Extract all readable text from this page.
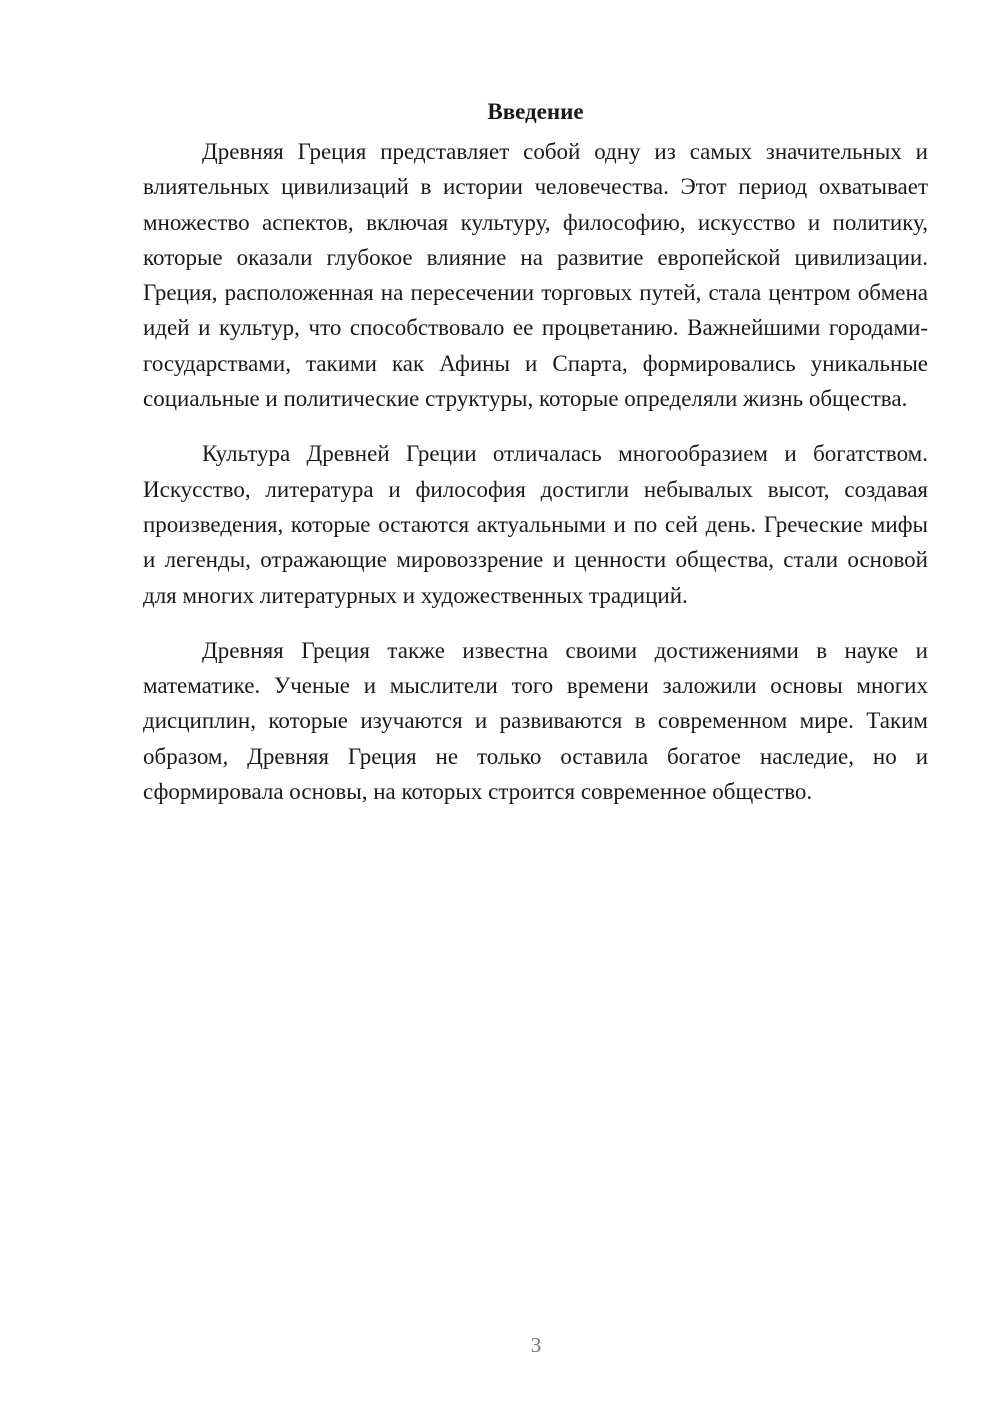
Введение

Древняя Греция представляет собой одну из самых значительных и влиятельных цивилизаций в истории человечества. Этот период охватывает множество аспектов, включая культуру, философию, искусство и политику, которые оказали глубокое влияние на развитие европейской цивилизации. Греция, расположенная на пересечении торговых путей, стала центром обмена идей и культур, что способствовало ее процветанию. Важнейшими городами-государствами, такими как Афины и Спарта, формировались уникальные социальные и политические структуры, которые определяли жизнь общества.

Культура Древней Греции отличалась многообразием и богатством. Искусство, литература и философия достигли небывалых высот, создавая произведения, которые остаются актуальными и по сей день. Греческие мифы и легенды, отражающие мировоззрение и ценности общества, стали основой для многих литературных и художественных традиций.

Древняя Греция также известна своими достижениями в науке и математике. Ученые и мыслители того времени заложили основы многих дисциплин, которые изучаются и развиваются в современном мире. Таким образом, Древняя Греция не только оставила богатое наследие, но и сформировала основы, на которых строится современное общество.

3
